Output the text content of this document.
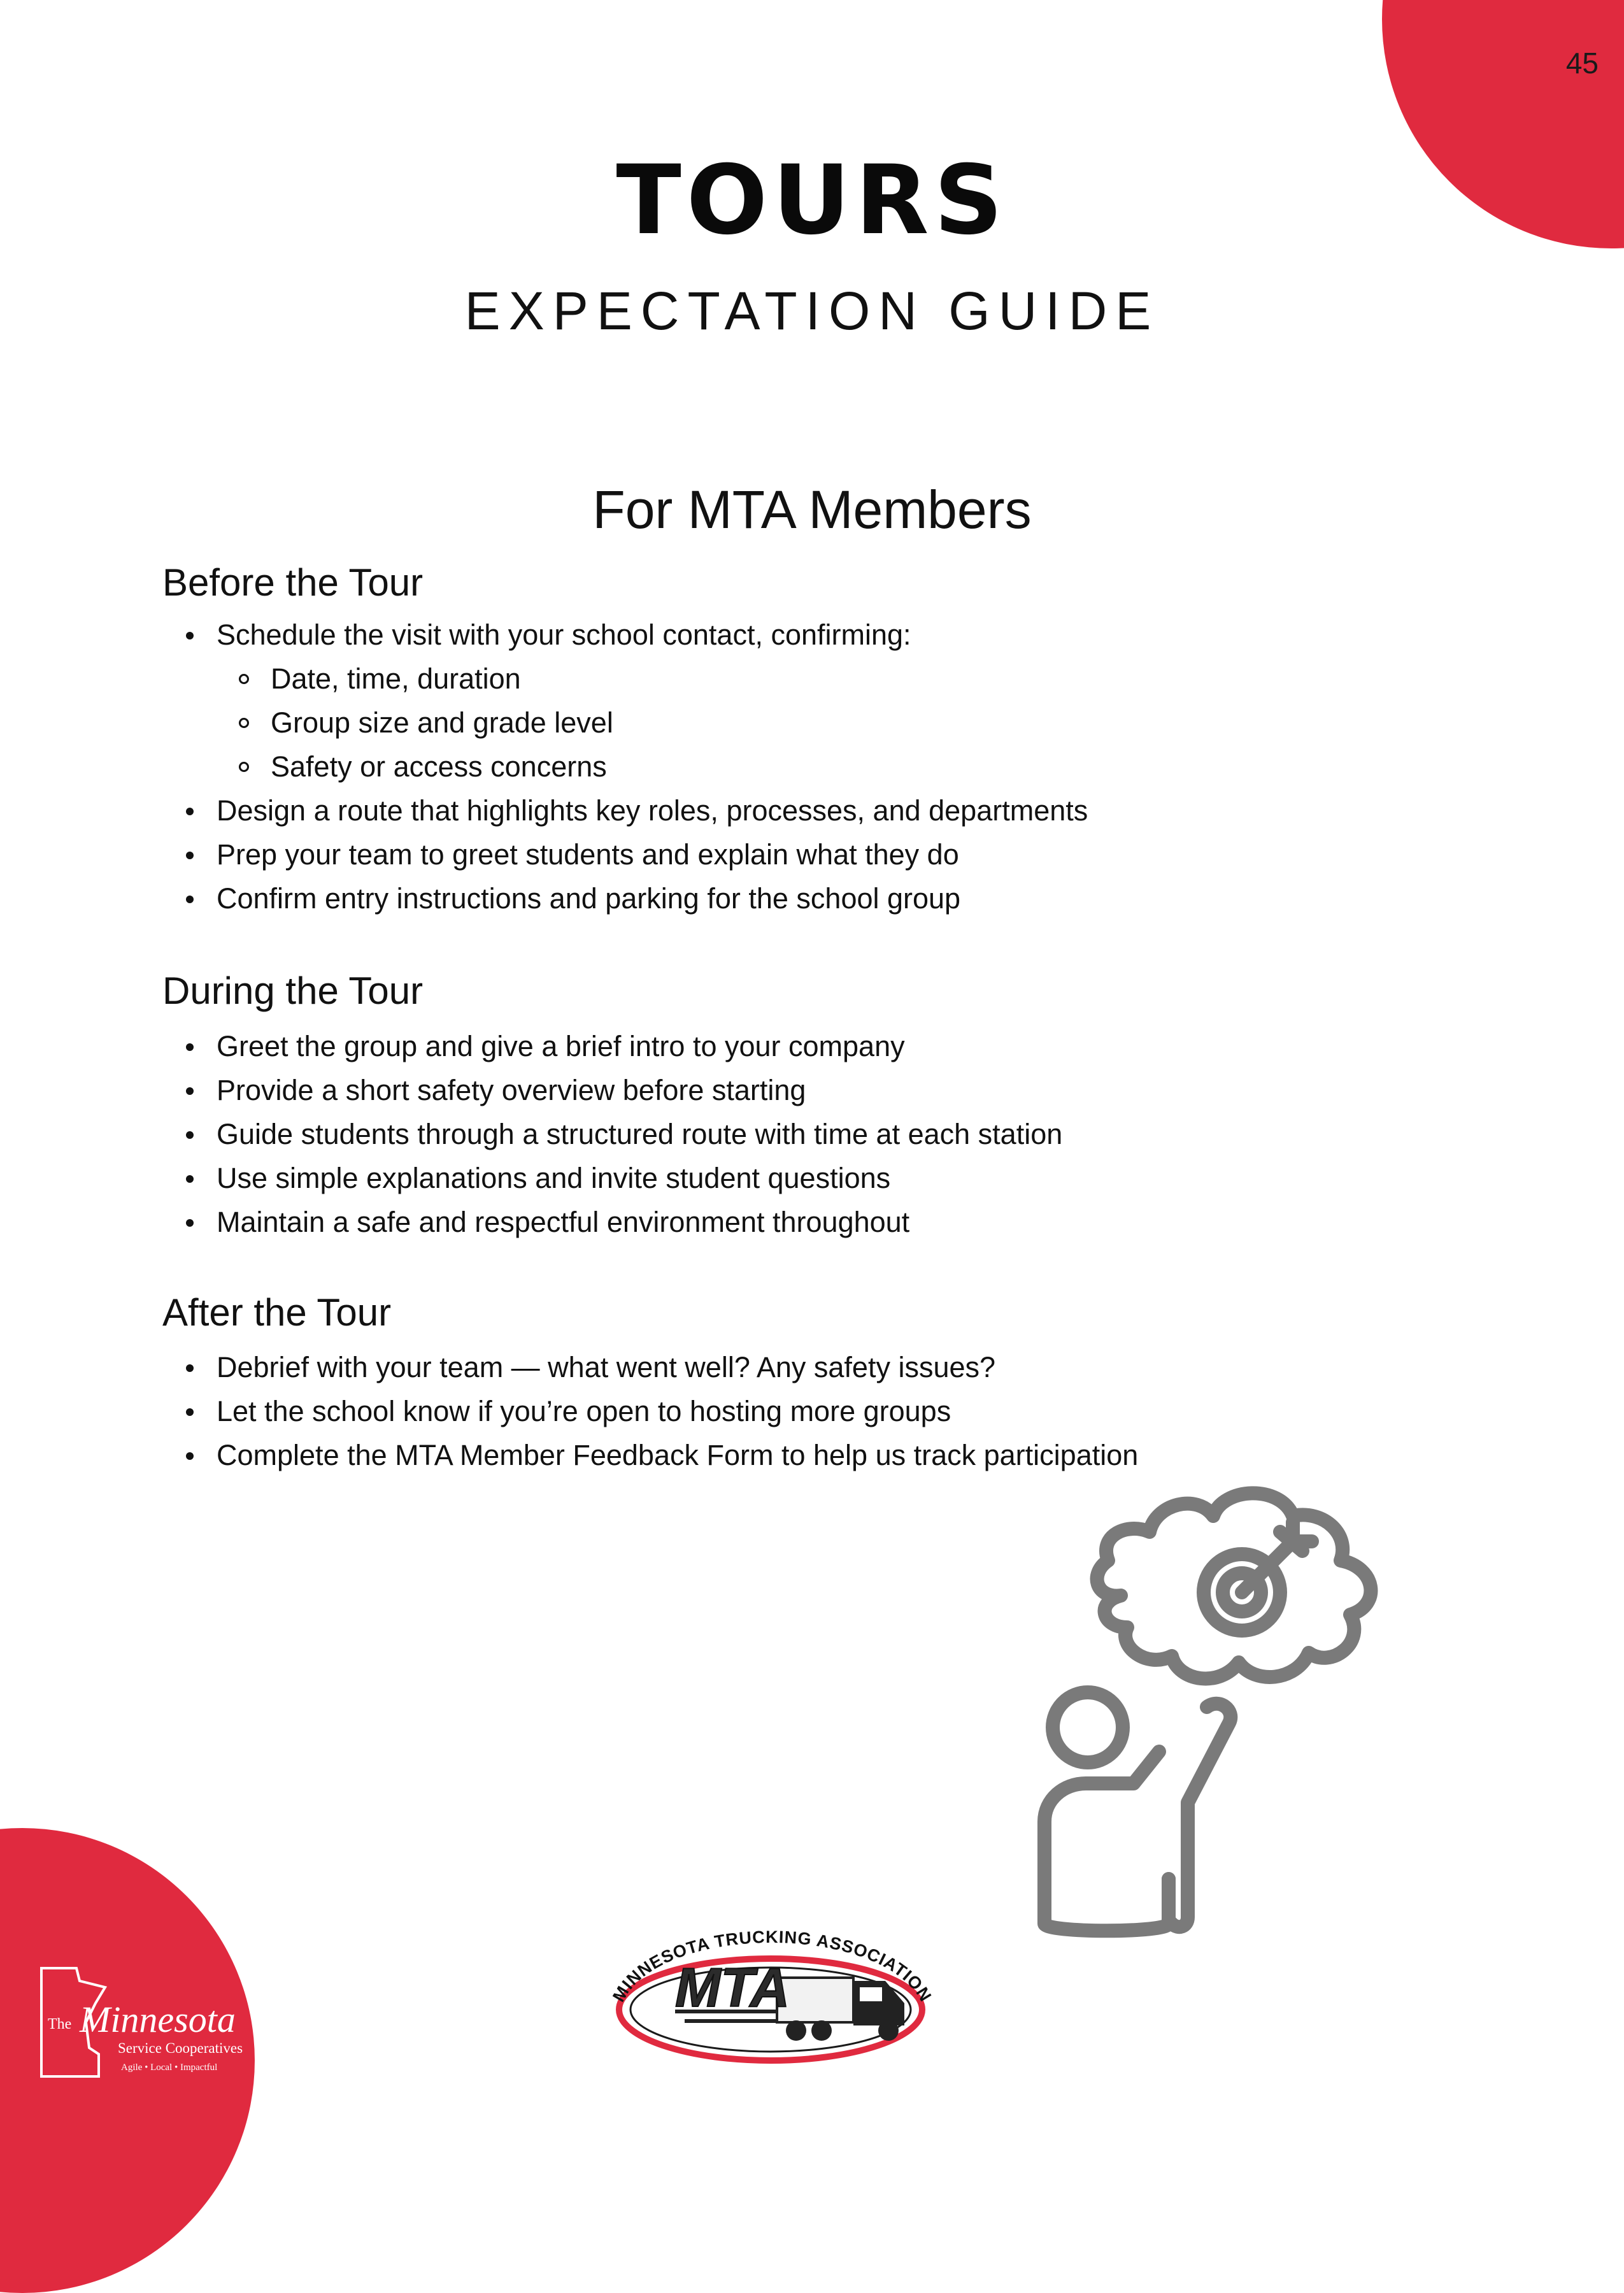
45
TOURS
EXPECTATION GUIDE
For MTA Members
Before the Tour
Schedule the visit with your school contact, confirming:
Date, time, duration
Group size and grade level
Safety or access concerns
Design a route that highlights key roles, processes, and departments
Prep your team to greet students and explain what they do
Confirm entry instructions and parking for the school group
During the Tour
Greet the group and give a brief intro to your company
Provide a short safety overview before starting
Guide students through a structured route with time at each station
Use simple explanations and invite student questions
Maintain a safe and respectful environment throughout
After the Tour
Debrief with your team — what went well? Any safety issues?
Let the school know if you’re open to hosting more groups
Complete the MTA Member Feedback Form to help us track participation
MINNESOTA TRUCKING ASSOCIATION
MTA
The Minnesota
Service Cooperatives
Agile • Local • Impactful
